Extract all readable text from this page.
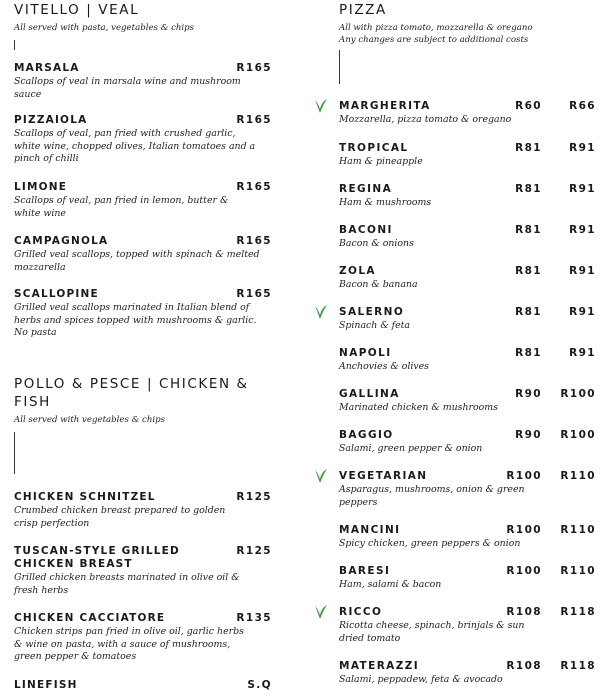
VITELLO | VEAL
All served with pasta, vegetables & chips
MARSALA	R165
Scallops of veal in marsala wine and mushroom sauce
PIZZAIOLA	R165
Scallops of veal, pan fried with crushed garlic, white wine, chopped olives, Italian tomatoes and a pinch of chilli
LIMONE	R165
Scallops of veal, pan fried in lemon, butter & white wine
CAMPAGNOLA	R165
Grilled veal scallops, topped with spinach & melted mozzarella
SCALLOPINE	R165
Grilled veal scallops marinated in Italian blend of herbs and spices topped with mushrooms & garlic. No pasta
POLLO & PESCE | CHICKEN & FISH
All served with vegetables & chips
CHICKEN SCHNITZEL	R125
Crumbed chicken breast prepared to golden crisp perfection
TUSCAN-STYLE GRILLED CHICKEN BREAST
R125
Grilled chicken breasts marinated in olive oil & fresh herbs
CHICKEN CACCIATORE	R135
Chicken strips pan fried in olive oil, garlic herbs & wine on pasta, with a sauce of mushrooms, green pepper & tomatoes
LINEFISH	S.Q
PIZZA
All with pizza tomato, mozzarella & oregano
Any changes are subject to additional costs
MARGHERITA	R60	R66
Mozzarella, pizza tomato & oregano
TROPICAL	R81	R91
Ham & pineapple
REGINA	R81	R91
Ham & mushrooms
BACONI	R81	R91
Bacon & onions
ZOLA	R81	R91
Bacon & banana
SALERNO	R81	R91
Spinach & feta
NAPOLI	R81	R91
Anchovies & olives
GALLINA	R90 R100
Marinated chicken & mushrooms
BAGGIO	R90 R100
Salami, green pepper & onion
VEGETARIAN	R100 R110
Asparagus, mushrooms, onion & green peppers
MANCINI	R100 R110
Spicy chicken, green peppers & onion
BARESI	R100 R110
Ham, salami & bacon
RICCO	R108 R118
Ricotta cheese, spinach, brinjals & sun dried tomato
MATERAZZI	R108 R118
Salami, peppadew, feta & avocado
